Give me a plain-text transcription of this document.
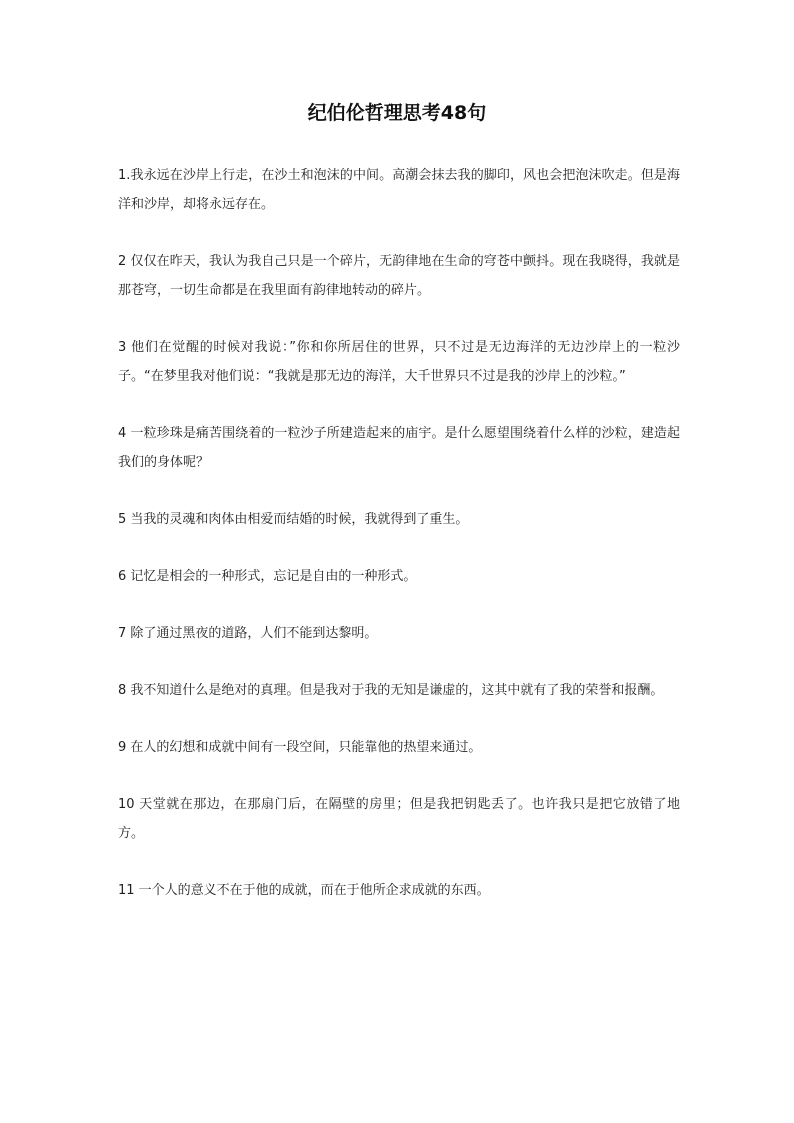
纪伯伦哲理思考48句

1.我永远在沙岸上行走，在沙土和泡沫的中间。高潮会抹去我的脚印，风也会把泡沫吹走。但是海洋和沙岸，却将永远存在。

2 仅仅在昨天，我认为我自己只是一个碎片，无韵律地在生命的穹苍中颤抖。现在我晓得，我就是那苍穹，一切生命都是在我里面有韵律地转动的碎片。

3 他们在觉醒的时候对我说：”你和你所居住的世界，只不过是无边海洋的无边沙岸上的一粒沙子。“在梦里我对他们说：“我就是那无边的海洋，大千世界只不过是我的沙岸上的沙粒。”

4 一粒珍珠是痛苦围绕着的一粒沙子所建造起来的庙宇。是什么愿望围绕着什么样的沙粒，建造起我们的身体呢？

5 当我的灵魂和肉体由相爱而结婚的时候，我就得到了重生。

6 记忆是相会的一种形式，忘记是自由的一种形式。

7 除了通过黑夜的道路，人们不能到达黎明。

8 我不知道什么是绝对的真理。但是我对于我的无知是谦虚的，这其中就有了我的荣誉和报酬。

9 在人的幻想和成就中间有一段空间，只能靠他的热望来通过。

10 天堂就在那边，在那扇门后，在隔壁的房里；但是我把钥匙丢了。也许我只是把它放错了地方。

11 一个人的意义不在于他的成就，而在于他所企求成就的东西。
